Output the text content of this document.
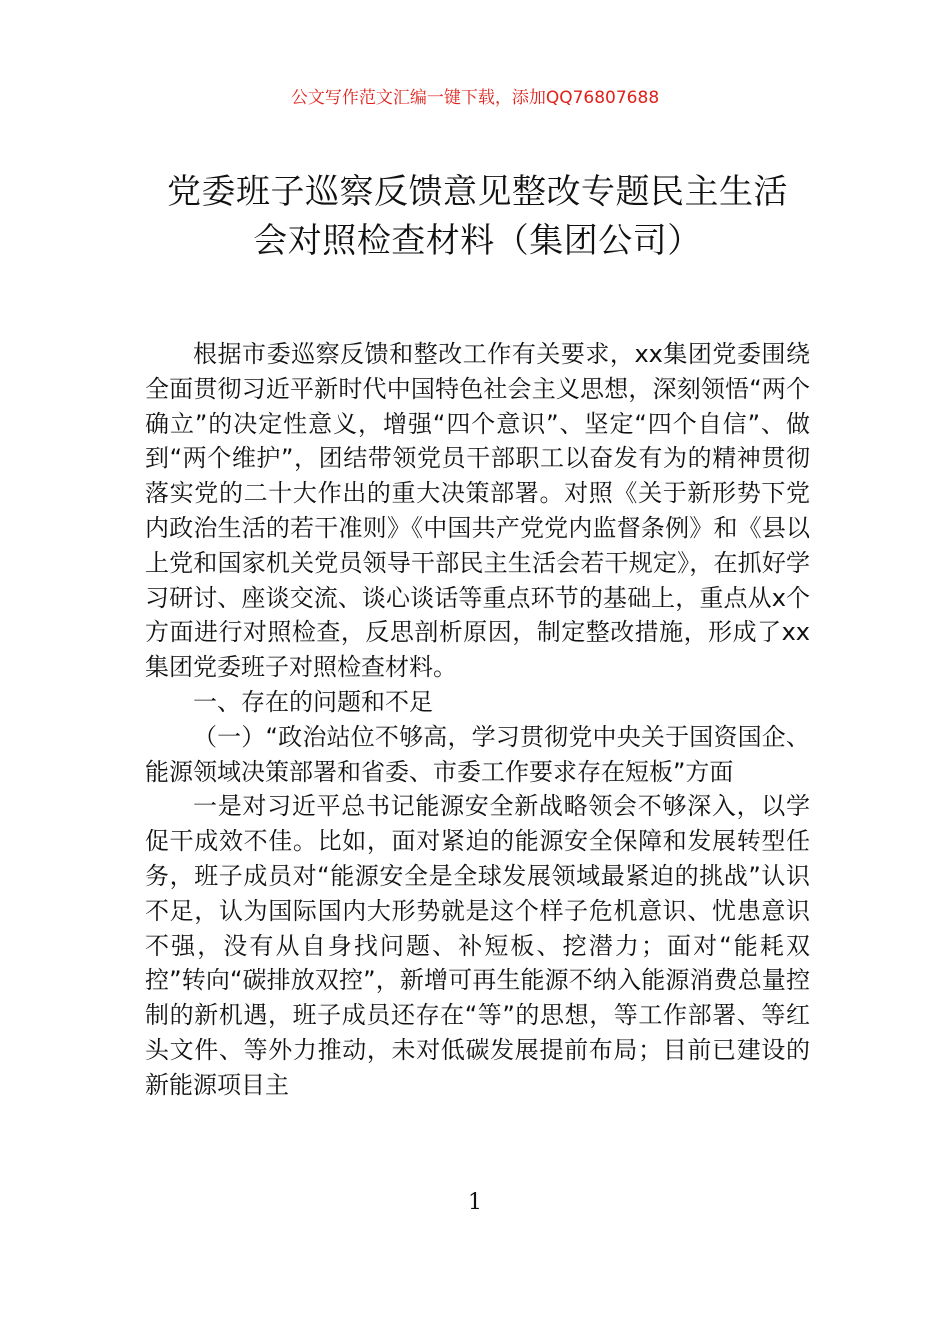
公文写作范文汇编一键下载，添加QQ76807688
党委班子巡察反馈意见整改专题民主生活
会对照检查材料（集团公司）

根据市委巡察反馈和整改工作有关要求，xx集团党委围绕全面贯彻习近平新时代中国特色社会主义思想，深刻领悟“两个确立”的决定性意义，增强“四个意识”、坚定“四个自信”、做到“两个维护”，团结带领党员干部职工以奋发有为的精神贯彻落实党的二十大作出的重大决策部署。对照《关于新形势下党内政治生活的若干准则》《中国共产党党内监督条例》和《县以上党和国家机关党员领导干部民主生活会若干规定》，在抓好学习研讨、座谈交流、谈心谈话等重点环节的基础上，重点从x个方面进行对照检查，反思剖析原因，制定整改措施，形成了xx集团党委班子对照检查材料。

一、存在的问题和不足

（一）“政治站位不够高，学习贯彻党中央关于国资国企、能源领域决策部署和省委、市委工作要求存在短板”方面

一是对习近平总书记能源安全新战略领会不够深入，以学促干成效不佳。比如，面对紧迫的能源安全保障和发展转型任务，班子成员对“能源安全是全球发展领域最紧迫的挑战”认识不足，认为国际国内大形势就是这个样子危机意识、忧患意识不强，没有从自身找问题、补短板、挖潜力；面对“能耗双控”转向“碳排放双控”，新增可再生能源不纳入能源消费总量控制的新机遇，班子成员还存在“等”的思想，等工作部署、等红头文件、等外力推动，未对低碳发展提前布局；目前已建设的新能源项目主

1
